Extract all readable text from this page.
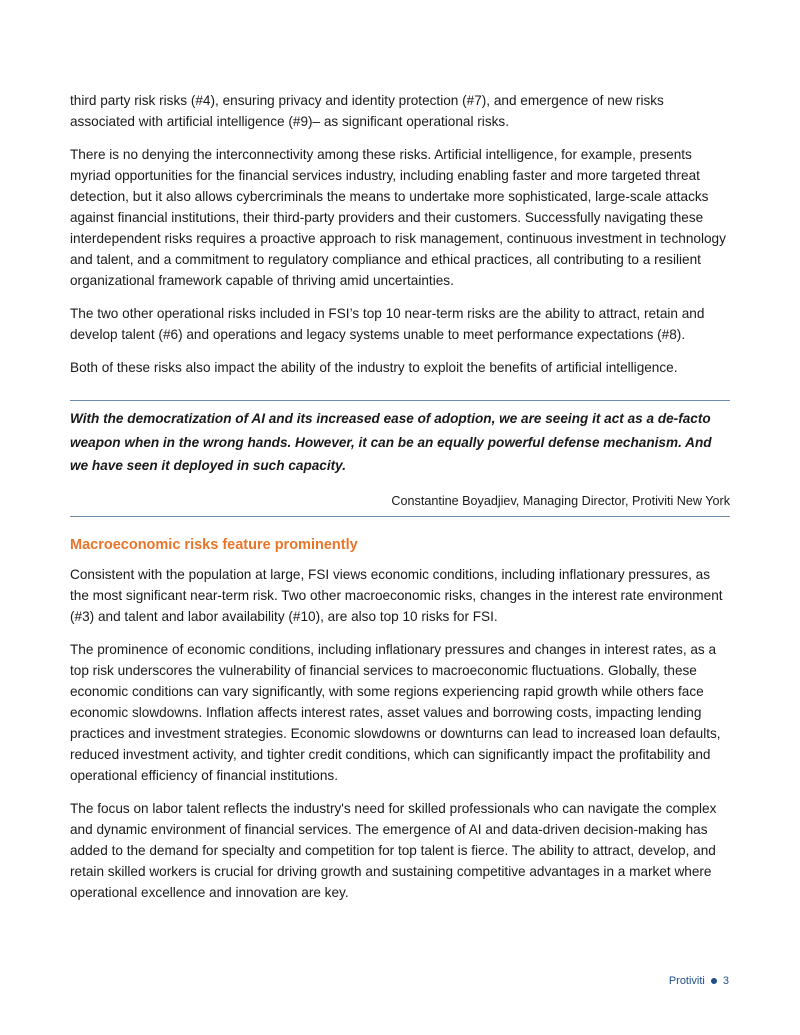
third party risk risks (#4), ensuring privacy and identity protection (#7), and emergence of new risks associated with artificial intelligence (#9)– as significant operational risks.

There is no denying the interconnectivity among these risks. Artificial intelligence, for example, presents myriad opportunities for the financial services industry, including enabling faster and more targeted threat detection, but it also allows cybercriminals the means to undertake more sophisticated, large-scale attacks against financial institutions, their third-party providers and their customers. Successfully navigating these interdependent risks requires a proactive approach to risk management, continuous investment in technology and talent, and a commitment to regulatory compliance and ethical practices, all contributing to a resilient organizational framework capable of thriving amid uncertainties.

The two other operational risks included in FSI’s top 10 near-term risks are the ability to attract, retain and develop talent (#6) and operations and legacy systems unable to meet performance expectations (#8).

Both of these risks also impact the ability of the industry to exploit the benefits of artificial intelligence.

With the democratization of AI and its increased ease of adoption, we are seeing it act as a de-facto weapon when in the wrong hands. However, it can be an equally powerful defense mechanism. And we have seen it deployed in such capacity.

Constantine Boyadjiev, Managing Director, Protiviti New York
Macroeconomic risks feature prominently

Consistent with the population at large, FSI views economic conditions, including inflationary pressures, as the most significant near-term risk. Two other macroeconomic risks, changes in the interest rate environment (#3) and talent and labor availability (#10), are also top 10 risks for FSI.

The prominence of economic conditions, including inflationary pressures and changes in interest rates, as a top risk underscores the vulnerability of financial services to macroeconomic fluctuations. Globally, these economic conditions can vary significantly, with some regions experiencing rapid growth while others face economic slowdowns. Inflation affects interest rates, asset values and borrowing costs, impacting lending practices and investment strategies. Economic slowdowns or downturns can lead to increased loan defaults, reduced investment activity, and tighter credit conditions, which can significantly impact the profitability and operational efficiency of financial institutions.

The focus on labor talent reflects the industry's need for skilled professionals who can navigate the complex and dynamic environment of financial services. The emergence of AI and data-driven decision-making has added to the demand for specialty and competition for top talent is fierce. The ability to attract, develop, and retain skilled workers is crucial for driving growth and sustaining competitive advantages in a market where operational excellence and innovation are key.

Protiviti 3
